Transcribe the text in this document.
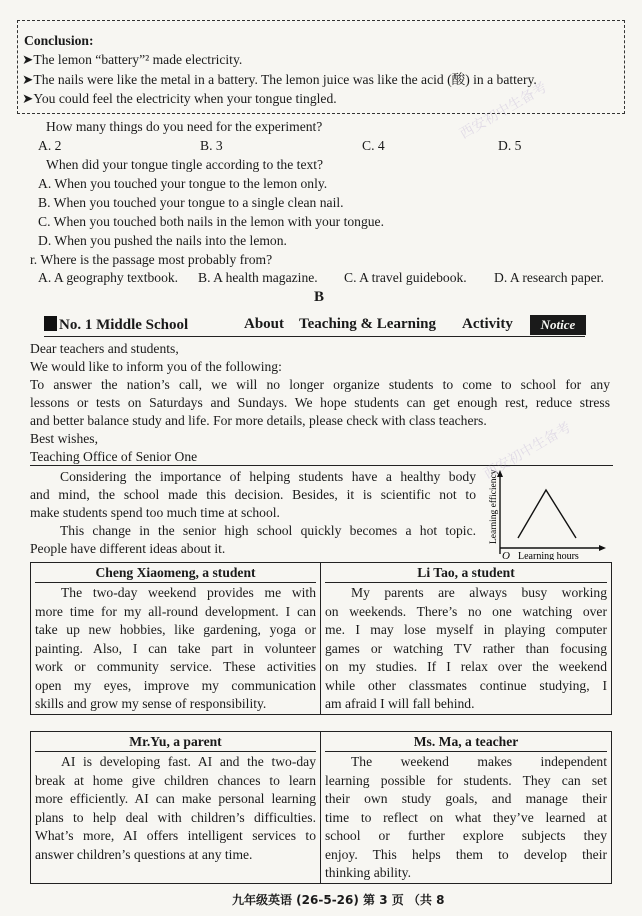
Conclusion:
➤The lemon “battery”² made electricity.
➤The nails were like the metal in a battery. The lemon juice was like the acid (酸) in a battery.
➤You could feel the electricity when your tongue tingled.
How many things do you need for the experiment?
A. 2	B. 3	C. 4	D. 5
When did your tongue tingle according to the text?
A. When you touched your tongue to the lemon only.
B. When you touched your tongue to a single clean nail.
C. When you touched both nails in the lemon with your tongue.
D. When you pushed the nails into the lemon.
r. Where is the passage most probably from?
A. A geography textbook. B. A health magazine. C. A travel guidebook. D. A research paper.
B
No. 1 Middle School	About Teaching & Learning Activity	Notice
Dear teachers and students,
We would like to inform you of the following:
To answer the nation’s call, we will no longer organize students to come to school for any
lessons or tests on Saturdays and Sundays. We hope students can get enough rest, reduce stress
and better balance study and life. For more details, please check with class teachers.
Best wishes,
Teaching Office of Senior One
Considering the importance of helping students have a healthy body
and mind, the school made this decision. Besides, it is scientific not to
make students spend too much time at school.
This change in the senior high school quickly becomes a hot topic.
People have different ideas about it.
Learning efficiency
O Learning hours
Cheng Xiaomeng, a student
The two-day weekend provides me with
more time for my all-round development. I can
take up new hobbies, like gardening, yoga or
painting. Also, I can take part in volunteer
work or community service. These activities
open my eyes, improve my communication
skills and grow my sense of responsibility.
Li Tao, a student
My parents are always busy working
on weekends. There’s no one watching over
me. I may lose myself in playing computer
games or watching TV rather than focusing
on my studies. If I relax over the weekend
while other classmates continue studying, I
am afraid I will fall behind.
Mr.Yu, a parent
AI is developing fast. AI and the two-day
break at home give children chances to learn
more efficiently. AI can make personal learning
plans to help deal with children’s difficulties.
What’s more, AI offers intelligent services to
answer children’s questions at any time.

Ms. Ma, a teacher
The weekend makes independent
learning possible for students. They can set
their own study goals, and manage their
time to reflect on what they’ve learned at
school or further explore subjects they
enjoy. This helps them to develop their
thinking ability.
九年级英语 (26-5-26) 第 3 页 （共 8
西安初中生备考
西安初中生备考
